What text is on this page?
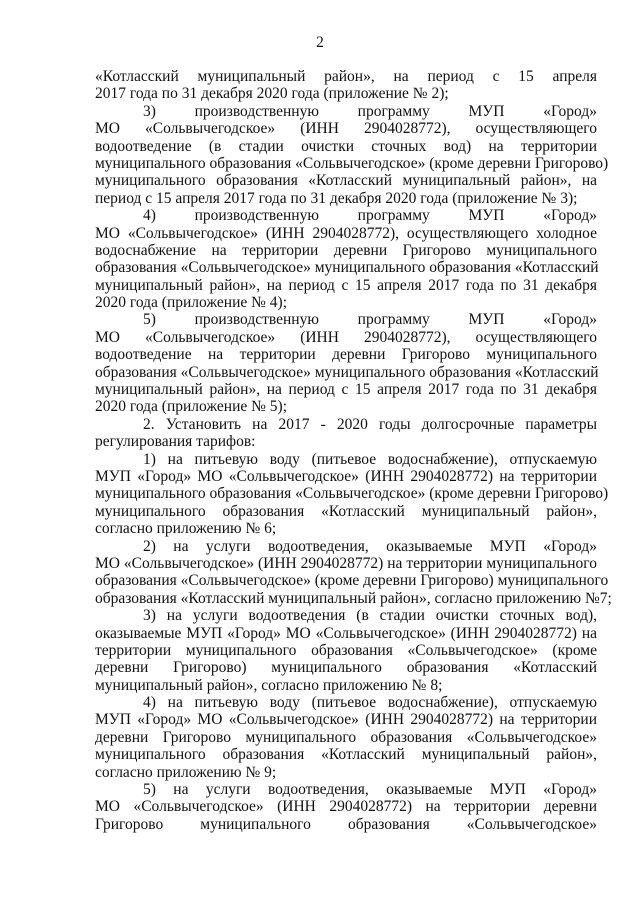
2
«Котласский муниципальный район», на период с 15 апреля
2017 года по 31 декабря 2020 года (приложение № 2);
3) производственную программу МУП «Город»
МО «Сольвычегодское» (ИНН 2904028772), осуществляющего
водоотведение (в стадии очистки сточных вод) на территории
муниципального образования «Сольвычегодское» (кроме деревни Григорово)
муниципального образования «Котласский муниципальный район», на
период с 15 апреля 2017 года по 31 декабря 2020 года (приложение № 3);
4) производственную программу МУП «Город»
МО «Сольвычегодское» (ИНН 2904028772), осуществляющего холодное
водоснабжение на территории деревни Григорово муниципального
образования «Сольвычегодское» муниципального образования «Котласский
муниципальный район», на период с 15 апреля 2017 года по 31 декабря
2020 года (приложение № 4);
5) производственную программу МУП «Город»
МО «Сольвычегодское» (ИНН 2904028772), осуществляющего
водоотведение на территории деревни Григорово муниципального
образования «Сольвычегодское» муниципального образования «Котласский
муниципальный район», на период с 15 апреля 2017 года по 31 декабря
2020 года (приложение № 5);
2. Установить на 2017 - 2020 годы долгосрочные параметры
регулирования тарифов:
1) на питьевую воду (питьевое водоснабжение), отпускаемую
МУП «Город» МО «Сольвычегодское» (ИНН 2904028772) на территории
муниципального образования «Сольвычегодское» (кроме деревни Григорово)
муниципального образования «Котласский муниципальный район»,
согласно приложению № 6;
2) на услуги водоотведения, оказываемые МУП «Город»
МО «Сольвычегодское» (ИНН 2904028772) на территории муниципального
образования «Сольвычегодское» (кроме деревни Григорово) муниципального
образования «Котласский муниципальный район», согласно приложению №7;
3) на услуги водоотведения (в стадии очистки сточных вод),
оказываемые МУП «Город» МО «Сольвычегодское» (ИНН 2904028772) на
территории муниципального образования «Сольвычегодское» (кроме
деревни Григорово) муниципального образования «Котласский
муниципальный район», согласно приложению № 8;
4) на питьевую воду (питьевое водоснабжение), отпускаемую
МУП «Город» МО «Сольвычегодское» (ИНН 2904028772) на территории
деревни Григорово муниципального образования «Сольвычегодское»
муниципального образования «Котласский муниципальный район»,
согласно приложению № 9;
5) на услуги водоотведения, оказываемые МУП «Город»
МО «Сольвычегодское» (ИНН 2904028772) на территории деревни
Григорово муниципального образования «Сольвычегодское»
